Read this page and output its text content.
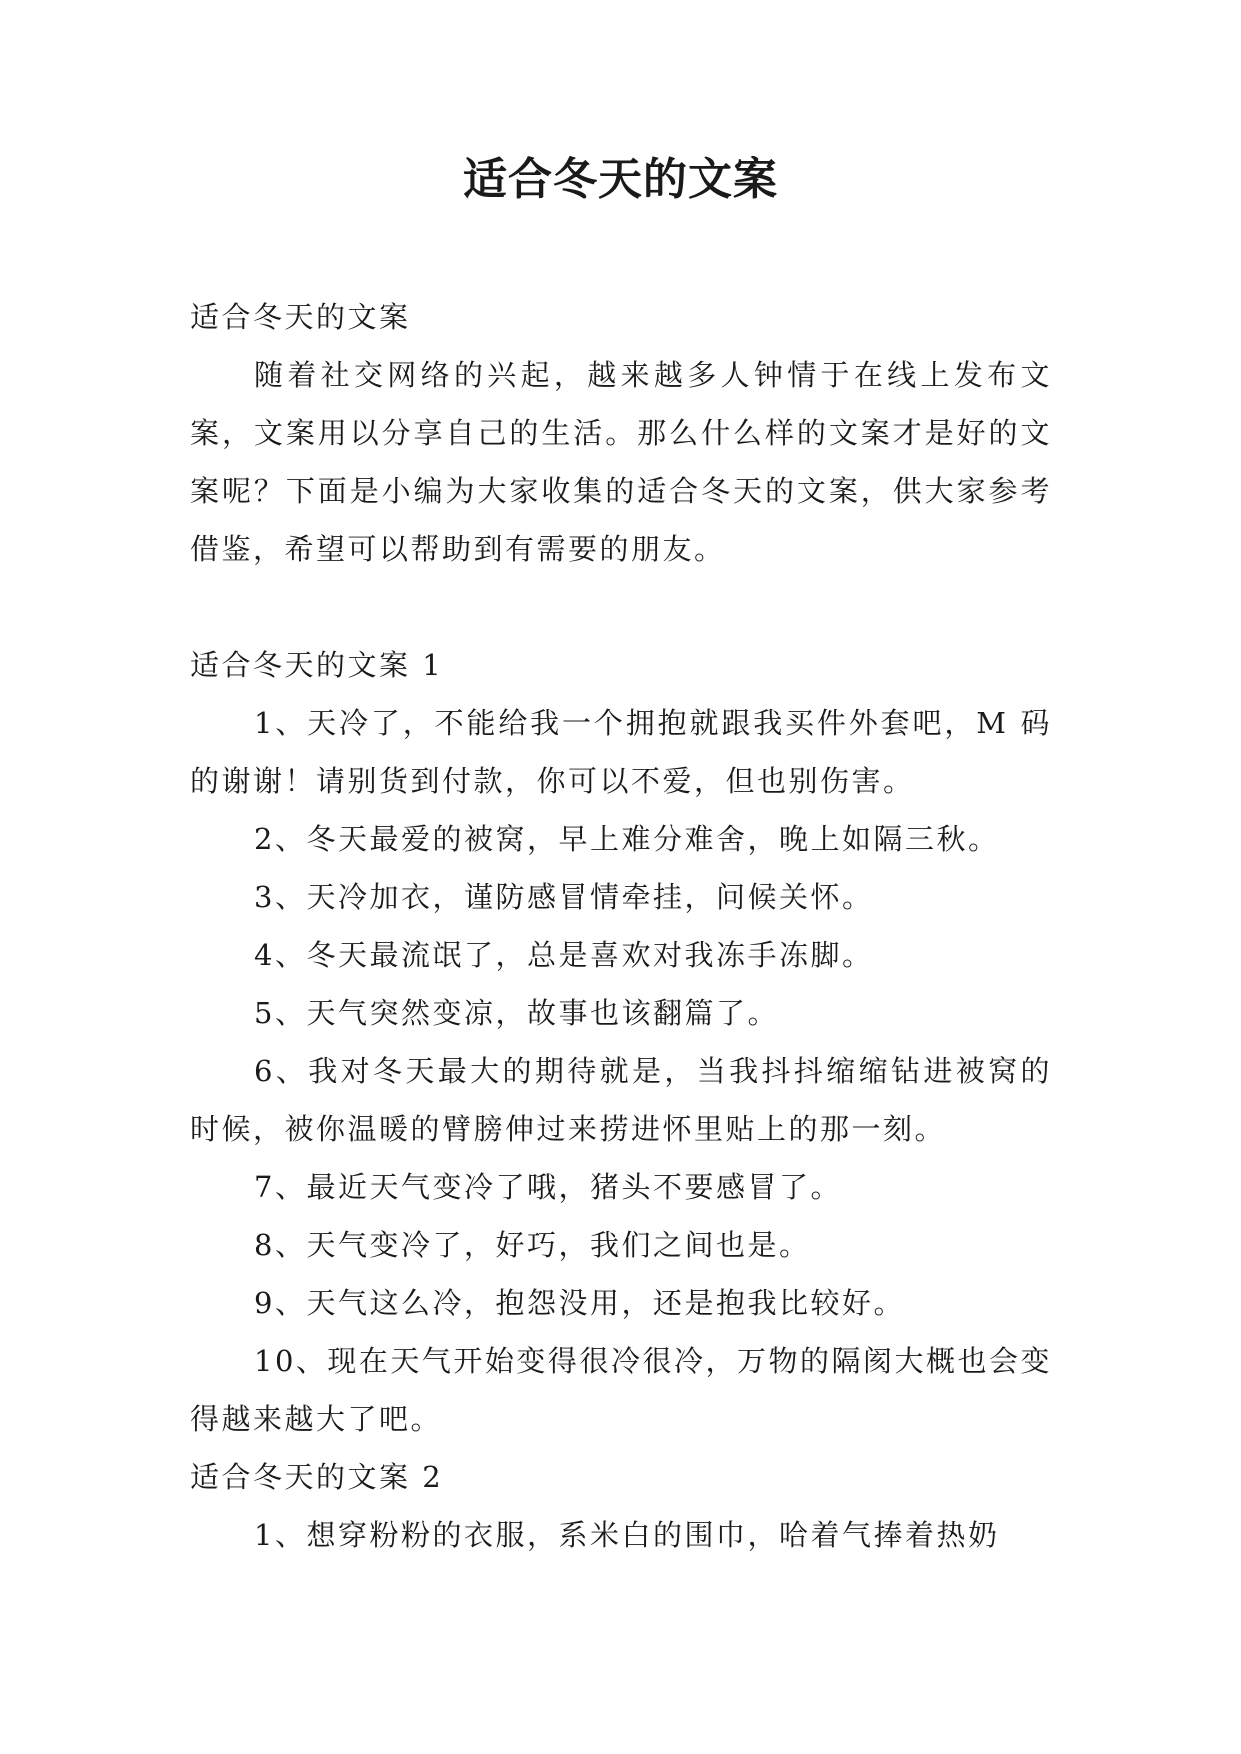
适合冬天的文案

适合冬天的文案

随着社交网络的兴起，越来越多人钟情于在线上发布文案，文案用以分享自己的生活。那么什么样的文案才是好的文案呢？下面是小编为大家收集的适合冬天的文案，供大家参考借鉴，希望可以帮助到有需要的朋友。

适合冬天的文案 1

1、天冷了，不能给我一个拥抱就跟我买件外套吧，M 码的谢谢！请别货到付款，你可以不爱，但也别伤害。

2、冬天最爱的被窝，早上难分难舍，晚上如隔三秋。

3、天冷加衣，谨防感冒情牵挂，问候关怀。

4、冬天最流氓了，总是喜欢对我冻手冻脚。

5、天气突然变凉，故事也该翻篇了。

6、我对冬天最大的期待就是，当我抖抖缩缩钻进被窝的时候，被你温暖的臂膀伸过来捞进怀里贴上的那一刻。

7、最近天气变冷了哦，猪头不要感冒了。

8、天气变冷了，好巧，我们之间也是。

9、天气这么冷，抱怨没用，还是抱我比较好。

10、现在天气开始变得很冷很冷，万物的隔阂大概也会变得越来越大了吧。

适合冬天的文案 2

1、想穿粉粉的衣服，系米白的围巾，哈着气捧着热奶
